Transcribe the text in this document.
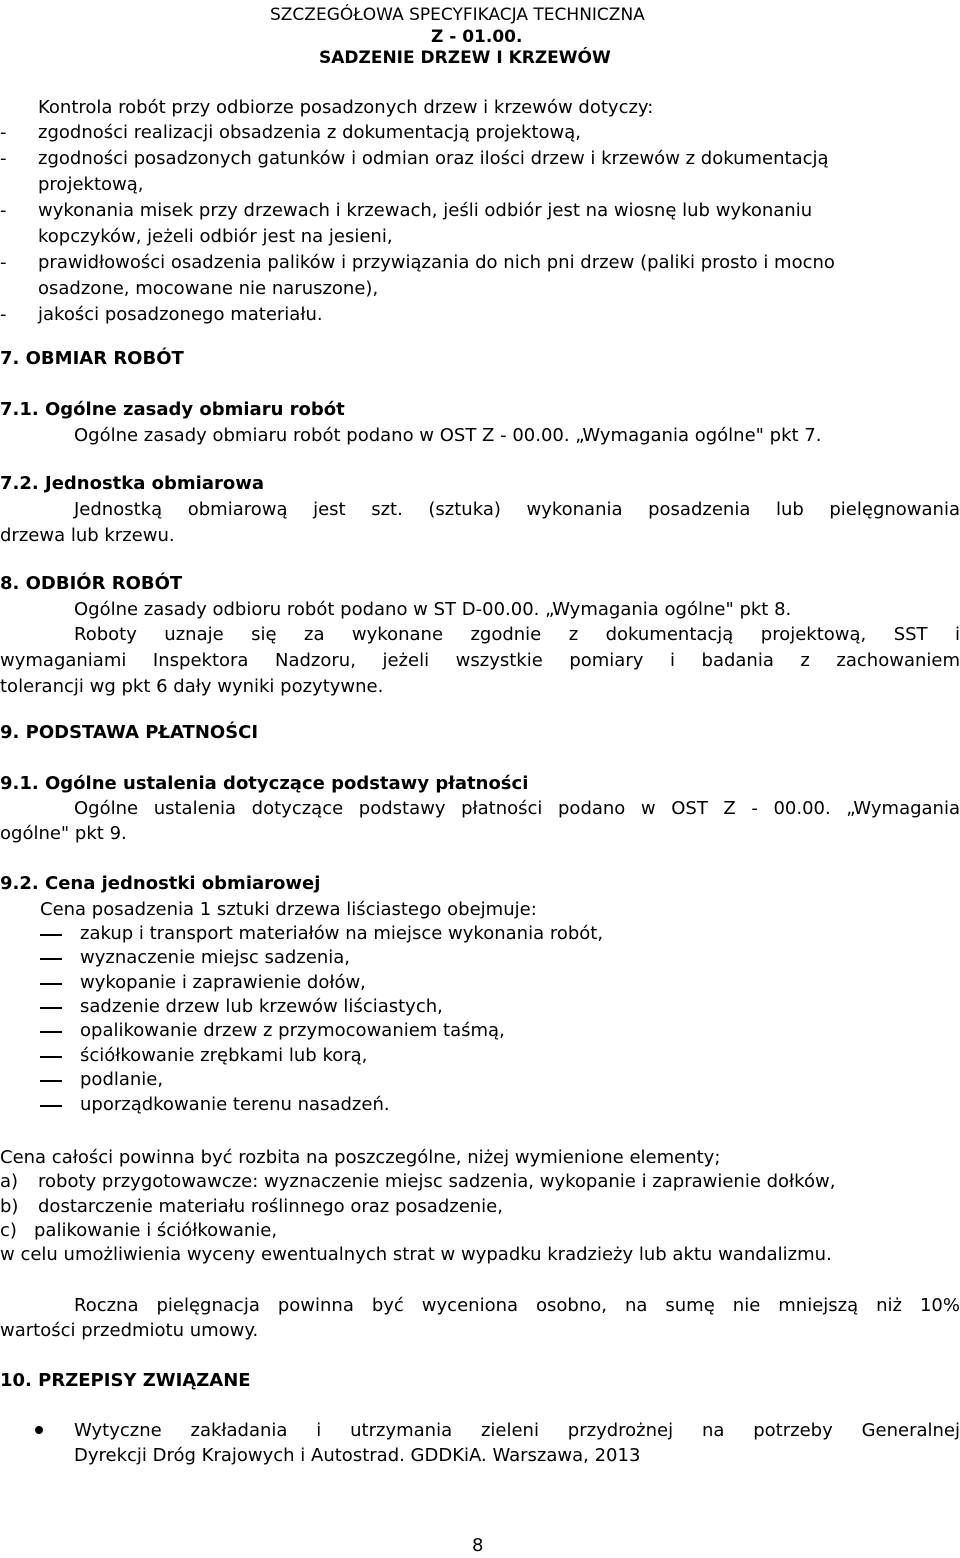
SZCZEGÓŁOWA SPECYFIKACJA TECHNICZNA
Z - 01.00.
SADZENIE DRZEW I KRZEWÓW
Kontrola robót przy odbiorze posadzonych drzew i krzewów dotyczy:
- zgodności realizacji obsadzenia z dokumentacją projektową,
- zgodności posadzonych gatunków i odmian oraz ilości drzew i krzewów z dokumentacją
projektową,
- wykonania misek przy drzewach i krzewach, jeśli odbiór jest na wiosnę lub wykonaniu
kopczyków, jeżeli odbiór jest na jesieni,
- prawidłowości osadzenia palików i przywiązania do nich pni drzew (paliki prosto i mocno
osadzone, mocowane nie naruszone),
- jakości posadzonego materiału.
7. OBMIAR ROBÓT
7.1. Ogólne zasady obmiaru robót
Ogólne zasady obmiaru robót podano w OST Z - 00.00. „Wymagania ogólne" pkt 7.
7.2. Jednostka obmiarowa
Jednostką obmiarową jest szt. (sztuka) wykonania posadzenia lub pielęgnowania
drzewa lub krzewu.
8. ODBIÓR ROBÓT
Ogólne zasady odbioru robót podano w ST D-00.00. „Wymagania ogólne" pkt 8.
Roboty uznaje się za wykonane zgodnie z dokumentacją projektową, SST i
wymaganiami Inspektora Nadzoru, jeżeli wszystkie pomiary i badania z zachowaniem
tolerancji wg pkt 6 dały wyniki pozytywne.
9. PODSTAWA PŁATNOŚCI
9.1. Ogólne ustalenia dotyczące podstawy płatności
Ogólne ustalenia dotyczące podstawy płatności podano w OST Z - 00.00. „Wymagania
ogólne" pkt 9.
9.2. Cena jednostki obmiarowej
Cena posadzenia 1 sztuki drzewa liściastego obejmuje:
zakup i transport materiałów na miejsce wykonania robót,
wyznaczenie miejsc sadzenia,
wykopanie i zaprawienie dołów,
sadzenie drzew lub krzewów liściastych,
opalikowanie drzew z przymocowaniem taśmą,
ściółkowanie zrębkami lub korą,
podlanie,
uporządkowanie terenu nasadzeń.
Cena całości powinna być rozbita na poszczególne, niżej wymienione elementy;
a) roboty przygotowawcze: wyznaczenie miejsc sadzenia, wykopanie i zaprawienie dołków,
b) dostarczenie materiału roślinnego oraz posadzenie,
c) palikowanie i ściółkowanie,
w celu umożliwienia wyceny ewentualnych strat w wypadku kradzieży lub aktu wandalizmu.
Roczna pielęgnacja powinna być wyceniona osobno, na sumę nie mniejszą niż 10%
wartości przedmiotu umowy.
10. PRZEPISY ZWIĄZANE
Wytyczne zakładania i utrzymania zieleni przydrożnej na potrzeby Generalnej
Dyrekcji Dróg Krajowych i Autostrad. GDDKiA. Warszawa, 2013
8
